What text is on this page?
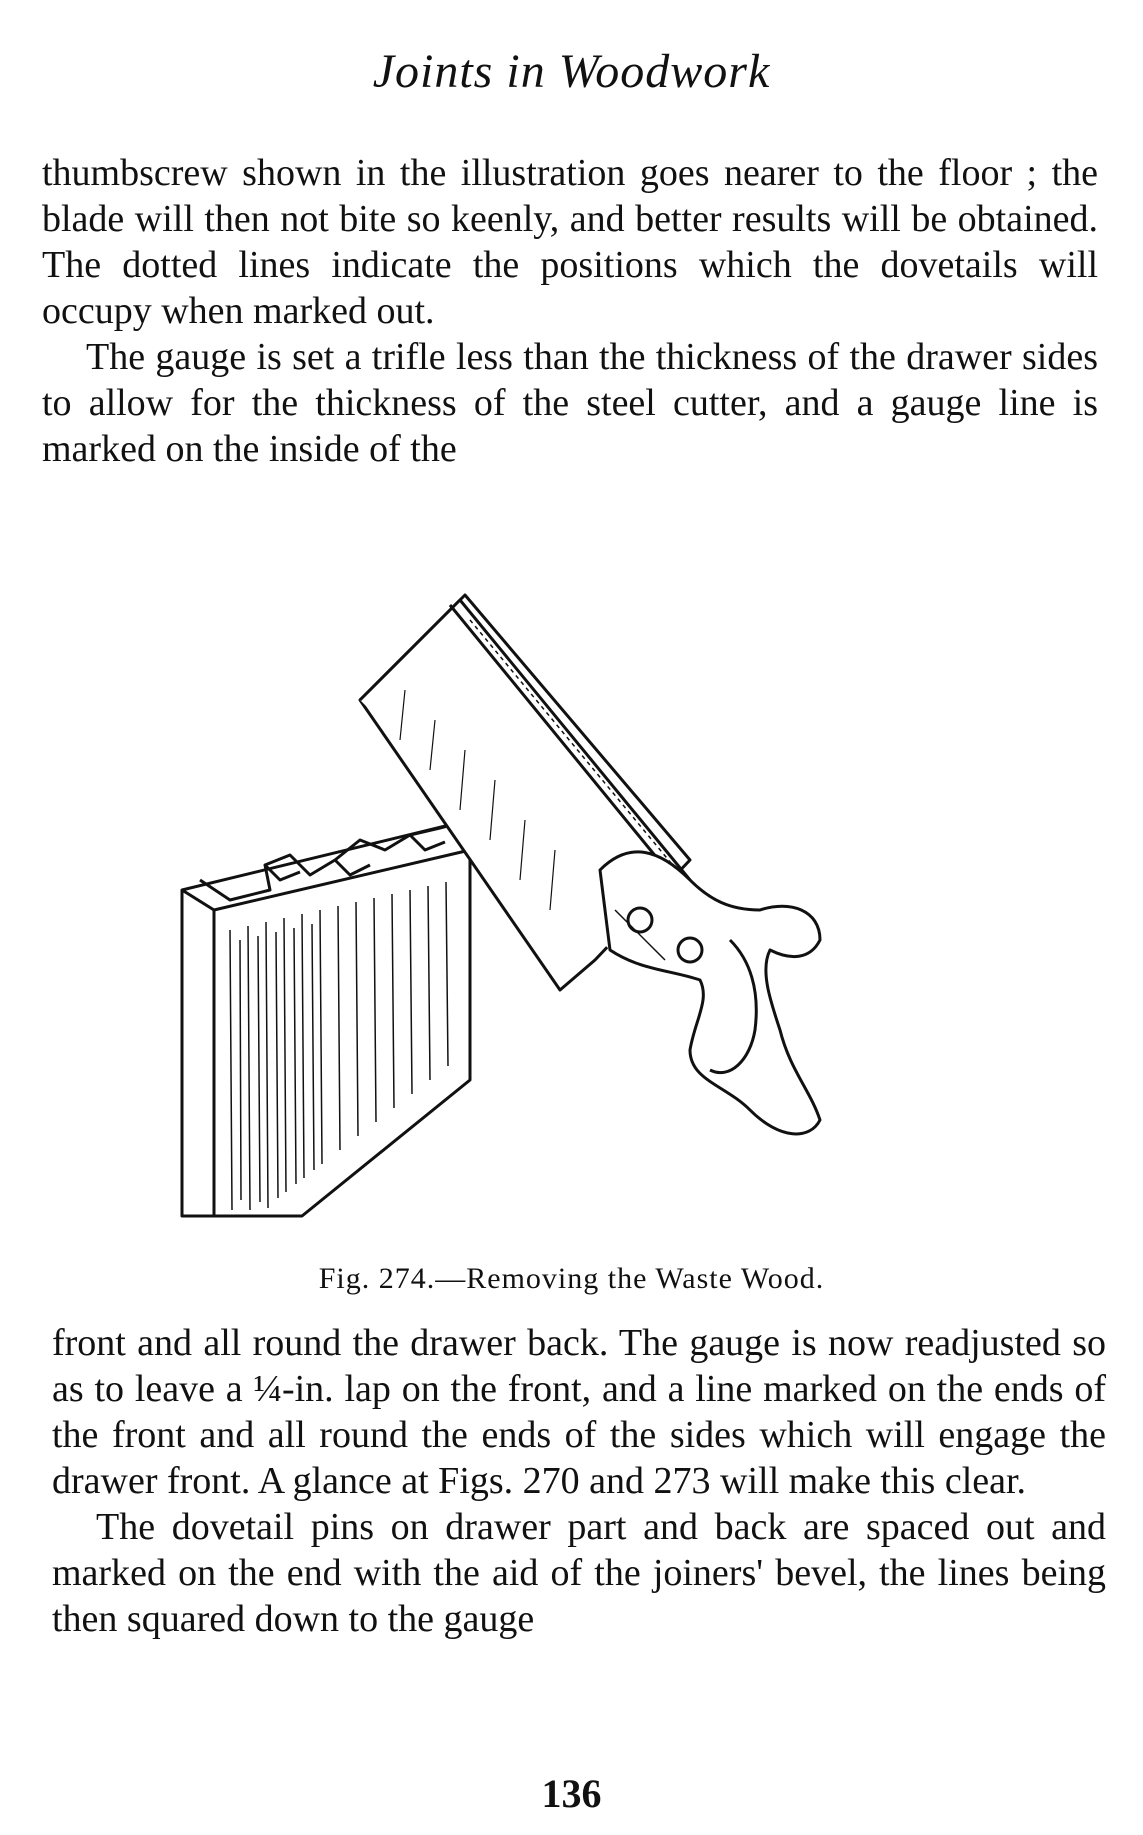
Joints in Woodwork

thumbscrew shown in the illustration goes nearer to the floor ; the blade will then not bite so keenly, and better results will be obtained. The dotted lines indicate the positions which the dovetails will occupy when marked out.

The gauge is set a trifle less than the thickness of the drawer sides to allow for the thickness of the steel cutter, and a gauge line is marked on the inside of the

Fig. 274.—Removing the Waste Wood.

front and all round the drawer back. The gauge is now readjusted so as to leave a ¼-in. lap on the front, and a line marked on the ends of the front and all round the ends of the sides which will engage the drawer front. A glance at Figs. 270 and 273 will make this clear.

The dovetail pins on drawer part and back are spaced out and marked on the end with the aid of the joiners' bevel, the lines being then squared down to the gauge

136
